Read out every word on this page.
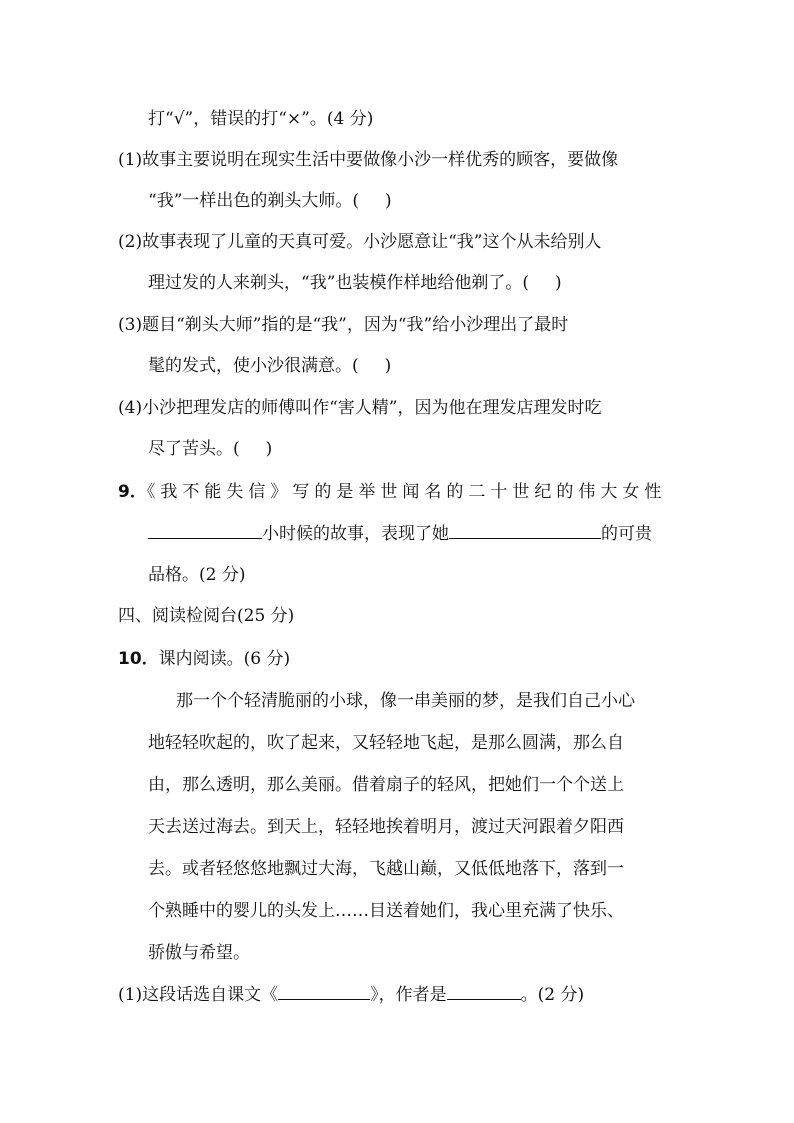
打“√”，错误的打“×”。(4 分)
(1)故事主要说明在现实生活中要做像小沙一样优秀的顾客，要做像
“我”一样出色的剃头大师。( )
(2)故事表现了儿童的天真可爱。小沙愿意让“我”这个从未给别人
理过发的人来剃头，“我”也装模作样地给他剃了。( )
(3)题目“剃头大师”指的是“我”，因为“我”给小沙理出了最时
髦的发式，使小沙很满意。( )
(4)小沙把理发店的师傅叫作“害人精”，因为他在理发店理发时吃
尽了苦头。( )
9．《我不能失信》写的是举世闻名的二十世纪的伟大女性
小时候的故事，表现了她	的可贵
品格。(2 分)
四、阅读检阅台(25 分)
10．课内阅读。(6 分)
那一个个轻清脆丽的小球，像一串美丽的梦，是我们自己小心
地轻轻吹起的，吹了起来，又轻轻地飞起，是那么圆满，那么自
由，那么透明，那么美丽。借着扇子的轻风，把她们一个个送上
天去送过海去。到天上，轻轻地挨着明月，渡过天河跟着夕阳西
去。或者轻悠悠地飘过大海，飞越山巅，又低低地落下，落到一
个熟睡中的婴儿的头发上……目送着她们，我心里充满了快乐、
骄傲与希望。
(1)这段话选自课文《	》，作者是	。(2 分)
